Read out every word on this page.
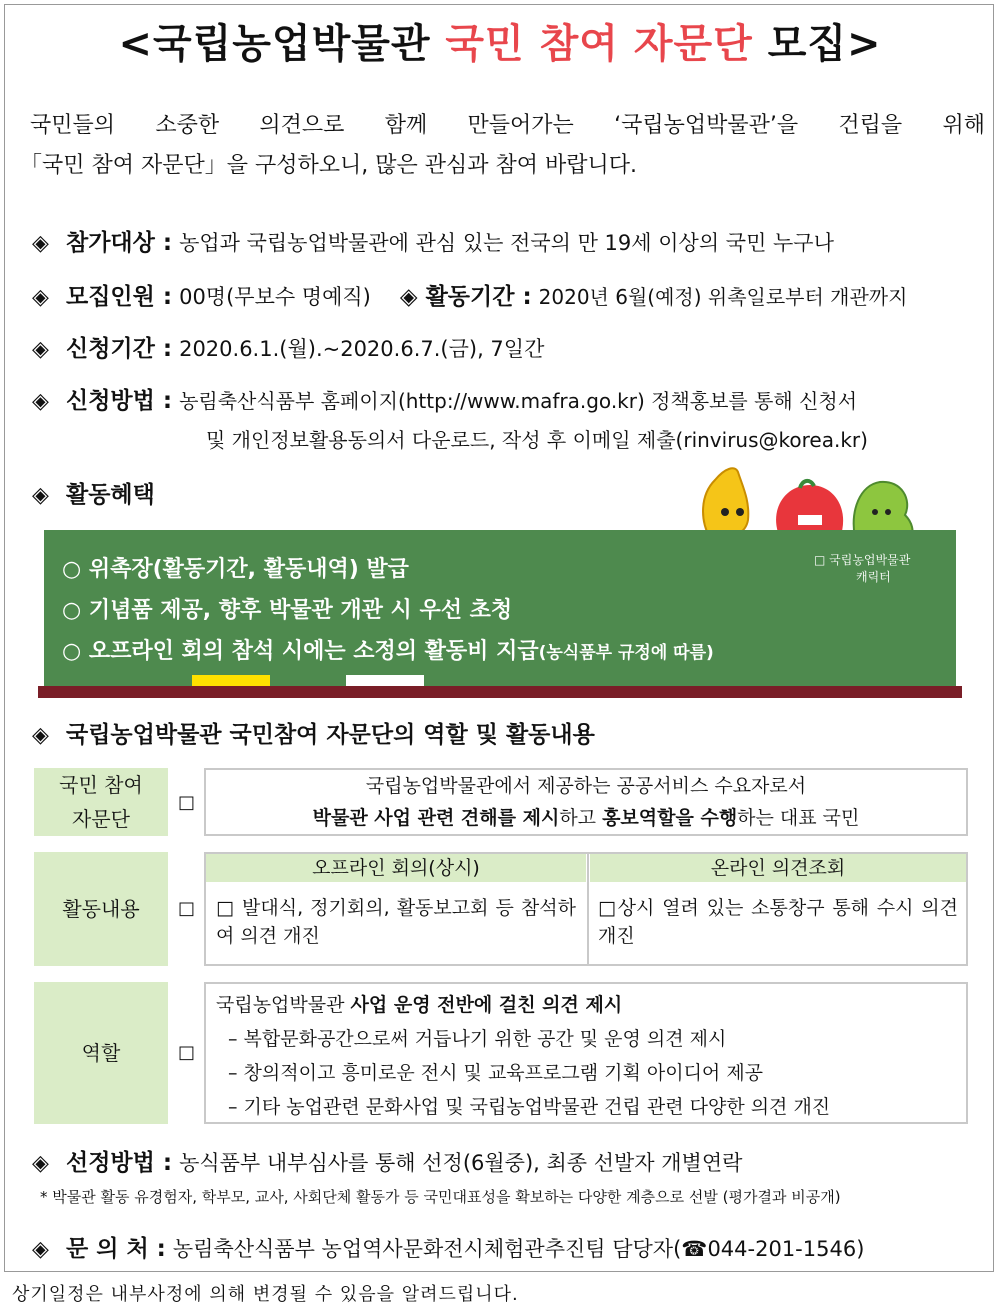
<국립농업박물관 국민 참여 자문단 모집>
국민들의 소중한 의견으로 함께 만들어가는 ‘국립농업박물관’을 건립을 위해
「국민 참여 자문단」을 구성하오니, 많은 관심과 참여 바랍니다.
◈ 참가대상 : 농업과 국립농업박물관에 관심 있는 전국의 만 19세 이상의 국민 누구나
◈ 모집인원 : 00명(무보수 명예직) ◈ 활동기간 : 2020년 6월(예정) 위촉일로부터 개관까지
◈ 신청기간 : 2020.6.1.(월).~2020.6.7.(금), 7일간
◈ 신청방법 : 농림축산식품부 홈페이지(http://www.mafra.go.kr) 정책홍보를 통해 신청서
및 개인정보활용동의서 다운로드, 작성 후 이메일 제출(rinvirus@korea.kr)
◈ 활동혜택
○ 위촉장(활동기간, 활동내역) 발급
○ 기념품 제공, 향후 박물관 개관 시 우선 초청
○ 오프라인 회의 참석 시에는 소정의 활동비 지급(농식품부 규정에 따름)
□ 국립농업박물관
캐릭터
◈ 국립농업박물관 국민참여 자문단의 역할 및 활동내용
국민 참여 자문단
□
국립농업박물관에서 제공하는 공공서비스 수요자로서
박물관 사업 관련 견해를 제시하고 홍보역할을 수행하는 대표 국민
활동내용 □
오프라인 회의(상시)	온라인 의견조회
□ 발대식, 정기회의, 활동보고회 등 참석하여 의견 개진
□상시 열려 있는 소통창구 통해 수시 의견 개진
역할	□
국립농업박물관 사업 운영 전반에 걸친 의견 제시
– 복합문화공간으로써 거듭나기 위한 공간 및 운영 의견 제시
– 창의적이고 흥미로운 전시 및 교육프로그램 기획 아이디어 제공
– 기타 농업관련 문화사업 및 국립농업박물관 건립 관련 다양한 의견 개진
◈ 선정방법 : 농식품부 내부심사를 통해 선정(6월중), 최종 선발자 개별연락
* 박물관 활동 유경험자, 학부모, 교사, 사회단체 활동가 등 국민대표성을 확보하는 다양한 계층으로 선발 (평가결과 비공개)
◈ 문 의 처 : 농림축산식품부 농업역사문화전시체험관추진팀 담당자(☎044-201-1546)
상기일정은 내부사정에 의해 변경될 수 있음을 알려드립니다.
